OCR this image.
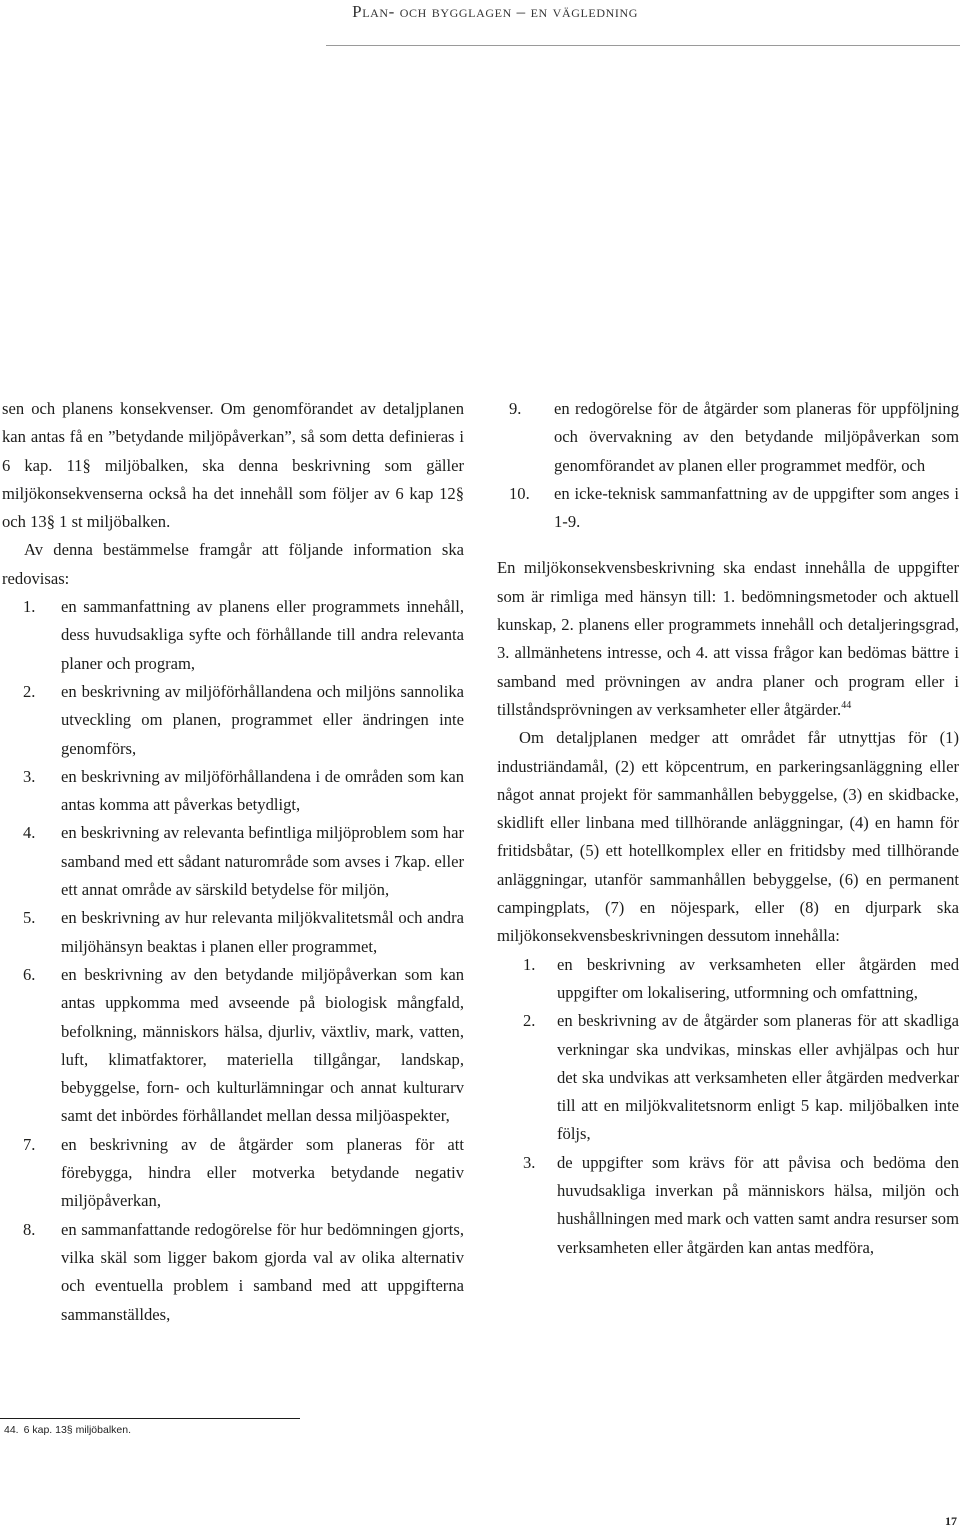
Plan- och bygglagen – en vägledning

sen och planens konsekvenser. Om genomförandet av detaljplanen kan antas få en ”betydande miljöpåverkan”, så som detta definieras i 6 kap. 11§ miljöbalken, ska denna beskrivning som gäller miljökonsekvenserna också ha det innehåll som följer av 6 kap 12§ och 13§ 1 st miljöbalken.

Av denna bestämmelse framgår att följande information ska redovisas:

1. en sammanfattning av planens eller programmets innehåll, dess huvudsakliga syfte och förhållande till andra relevanta planer och program,
2. en beskrivning av miljöförhållandena och miljöns sannolika utveckling om planen, programmet eller ändringen inte genomförs,
3. en beskrivning av miljöförhållandena i de områden som kan antas komma att påverkas betydligt,
4. en beskrivning av relevanta befintliga miljöproblem som har samband med ett sådant naturområde som avses i 7kap. eller ett annat område av särskild betydelse för miljön,
5. en beskrivning av hur relevanta miljökvalitetsmål och andra miljöhänsyn beaktas i planen eller programmet,
6. en beskrivning av den betydande miljöpåverkan som kan antas uppkomma med avseende på biologisk mångfald, befolkning, människors hälsa, djurliv, växtliv, mark, vatten, luft, klimatfaktorer, materiella tillgångar, landskap, bebyggelse, forn- och kulturlämningar och annat kulturarv samt det inbördes förhållandet mellan dessa miljöaspekter,
7. en beskrivning av de åtgärder som planeras för att förebygga, hindra eller motverka betydande negativ miljöpåverkan,
8. en sammanfattande redogörelse för hur bedömningen gjorts, vilka skäl som ligger bakom gjorda val av olika alternativ och eventuella problem i samband med att uppgifterna sammanställdes,
9. en redogörelse för de åtgärder som planeras för uppföljning och övervakning av den betydande miljöpåverkan som genomförandet av planen eller programmet medför, och
10. en icke-teknisk sammanfattning av de uppgifter som anges i 1-9.

En miljökonsekvensbeskrivning ska endast innehålla de uppgifter som är rimliga med hänsyn till: 1. bedömningsmetoder och aktuell kunskap, 2. planens eller programmets innehåll och detaljeringsgrad, 3. allmänhetens intresse, och 4. att vissa frågor kan bedömas bättre i samband med prövningen av andra planer och program eller i tillståndsprövningen av verksamheter eller åtgärder.$^{44}$

Om detaljplanen medger att området får utnyttjas för (1) industriändamål, (2) ett köpcentrum, en parkeringsanläggning eller något annat projekt för sammanhållen bebyggelse, (3) en skidbacke, skidlift eller linbana med tillhörande anläggningar, (4) en hamn för fritidsbåtar, (5) ett hotellkomplex eller en fritidsby med tillhörande anläggningar, utanför sammanhållen bebyggelse, (6) en permanent campingplats, (7) en nöjespark, eller (8) en djurpark ska miljökonsekvensbeskrivningen dessutom innehålla:

1. en beskrivning av verksamheten eller åtgärden med uppgifter om lokalisering, utformning och omfattning,
2. en beskrivning av de åtgärder som planeras för att skadliga verkningar ska undvikas, minskas eller avhjälpas och hur det ska undvikas att verksamheten eller åtgärden medverkar till att en miljökvalitetsnorm enligt 5 kap. miljöbalken inte följs,
3. de uppgifter som krävs för att påvisa och bedöma den huvudsakliga inverkan på människors hälsa, miljön och hushållningen med mark och vatten samt andra resurser som verksamheten eller åtgärden kan antas medföra,
44. 6 kap. 13§ miljöbalken.
17
